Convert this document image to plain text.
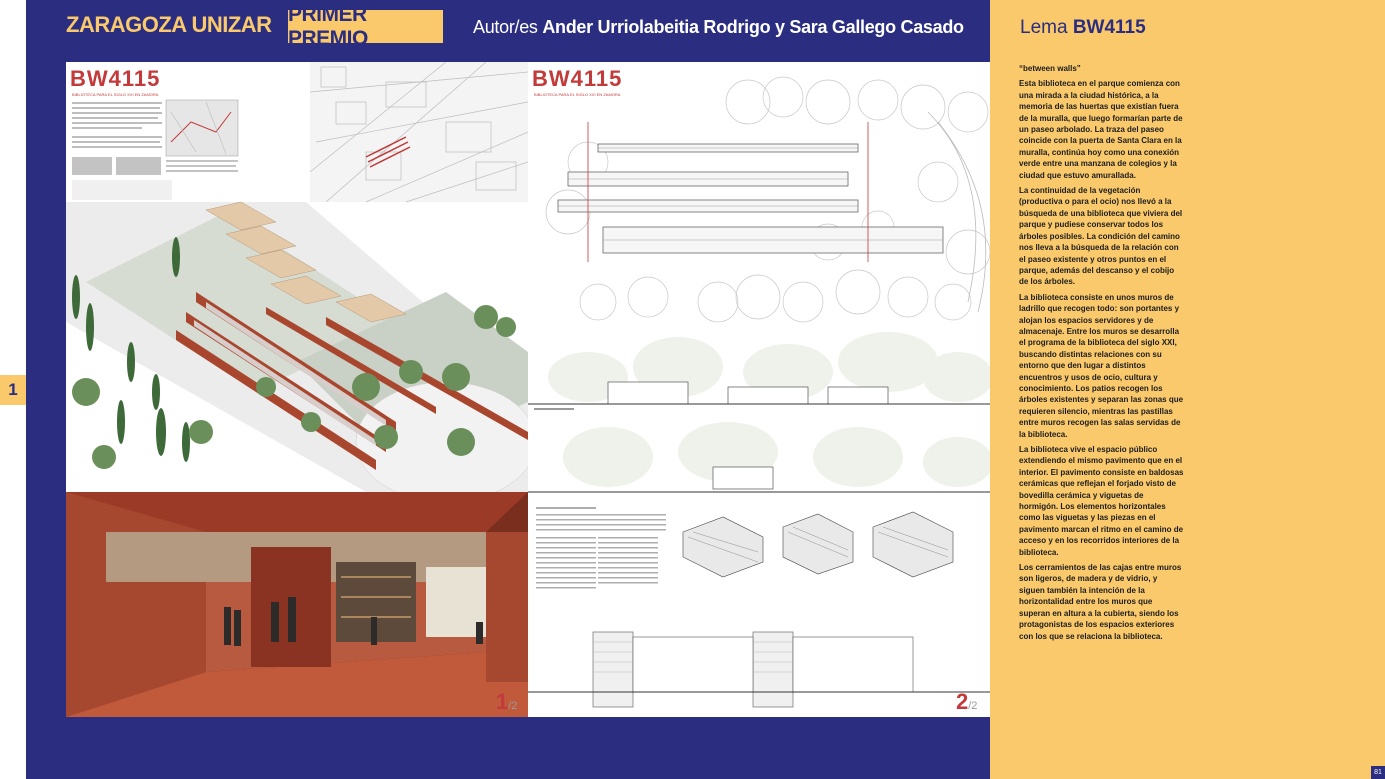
1
ZARAGOZA UNIZAR PRIMER PREMIO	Autor/es Ander Urriolabeitia Rodrigo y Sara Gallego Casado	Lema BW4115

“between walls”

Esta biblioteca en el parque comienza con una mirada a la ciudad histórica, a la memoria de las huertas que existían fuera de la muralla, que luego formarían parte de un paseo arbolado. La traza del paseo coincide con la puerta de Santa Clara en la muralla, continúa hoy como una conexión verde entre una manzana de colegios y la ciudad que estuvo amurallada.

La continuidad de la vegetación (productiva o para el ocio) nos llevó a la búsqueda de una biblioteca que viviera del parque y pudiese conservar todos los árboles posibles. La condición del camino nos lleva a la búsqueda de la relación con el paseo existente y otros puntos en el parque, además del descanso y el cobijo de los árboles.

La biblioteca consiste en unos muros de ladrillo que recogen todo: son portantes y alojan los espacios servidores y de almacenaje. Entre los muros se desarrolla el programa de la biblioteca del siglo XXI, buscando distintas relaciones con su entorno que den lugar a distintos encuentros y usos de ocio, cultura y conocimiento. Los patios recogen los árboles existentes y separan las zonas que requieren silencio, mientras las pastillas entre muros recogen las salas servidas de la biblioteca.

La biblioteca vive el espacio público extendiendo el mismo pavimento que en el interior. El pavimento consiste en baldosas cerámicas que reflejan el forjado visto de bovedilla cerámica y viguetas de hormigón. Los elementos horizontales como las viguetas y las piezas en el pavimento marcan el ritmo en el camino de acceso y en los recorridos interiores de la biblioteca.

Los cerramientos de las cajas entre muros son ligeros, de madera y de vidrio, y siguen también la intención de la horizontalidad entre los muros que superan en altura a la cubierta, siendo los protagonistas de los espacios exteriores con los que se relaciona la biblioteca.

81
BW4115
BIBLIOTECA PARA EL SIGLO XXI EN ZAMORA
1/2
BW4115
BIBLIOTECA PARA EL SIGLO XXI EN ZAMORA
2/2
